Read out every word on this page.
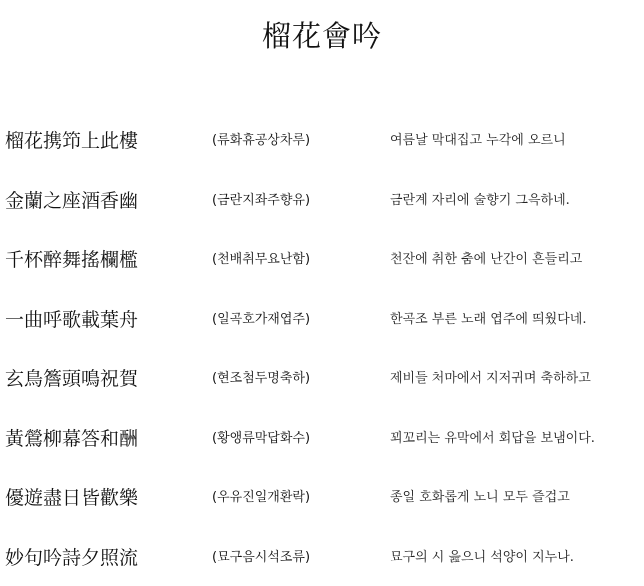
榴花會吟
榴花携笻上此樓	(류화휴공상차루)	여름날 막대집고 누각에 오르니
金蘭之座酒香幽	(금란지좌주향유)	금란계 자리에 술향기 그윽하네.
千杯醉舞搖欄檻	(천배취무요난함)	천잔에 취한 춤에 난간이 흔들리고
一曲呼歌載葉舟	(일곡호가재엽주)	한곡조 부른 노래 엽주에 띄웠다네.
玄鳥簷頭鳴祝賀	(현조첨두명축하)	제비들 처마에서 지저귀며 축하하고
黃鶯柳幕答和酬	(황앵류막답화수)	꾀꼬리는 유막에서 회답을 보냄이다.
優遊盡日皆歡樂	(우유진일개환락)	종일 호화롭게 노니 모두 즐겁고
妙句吟詩夕照流	(묘구음시석조류)	묘구의 시 읊으니 석양이 지누나.
